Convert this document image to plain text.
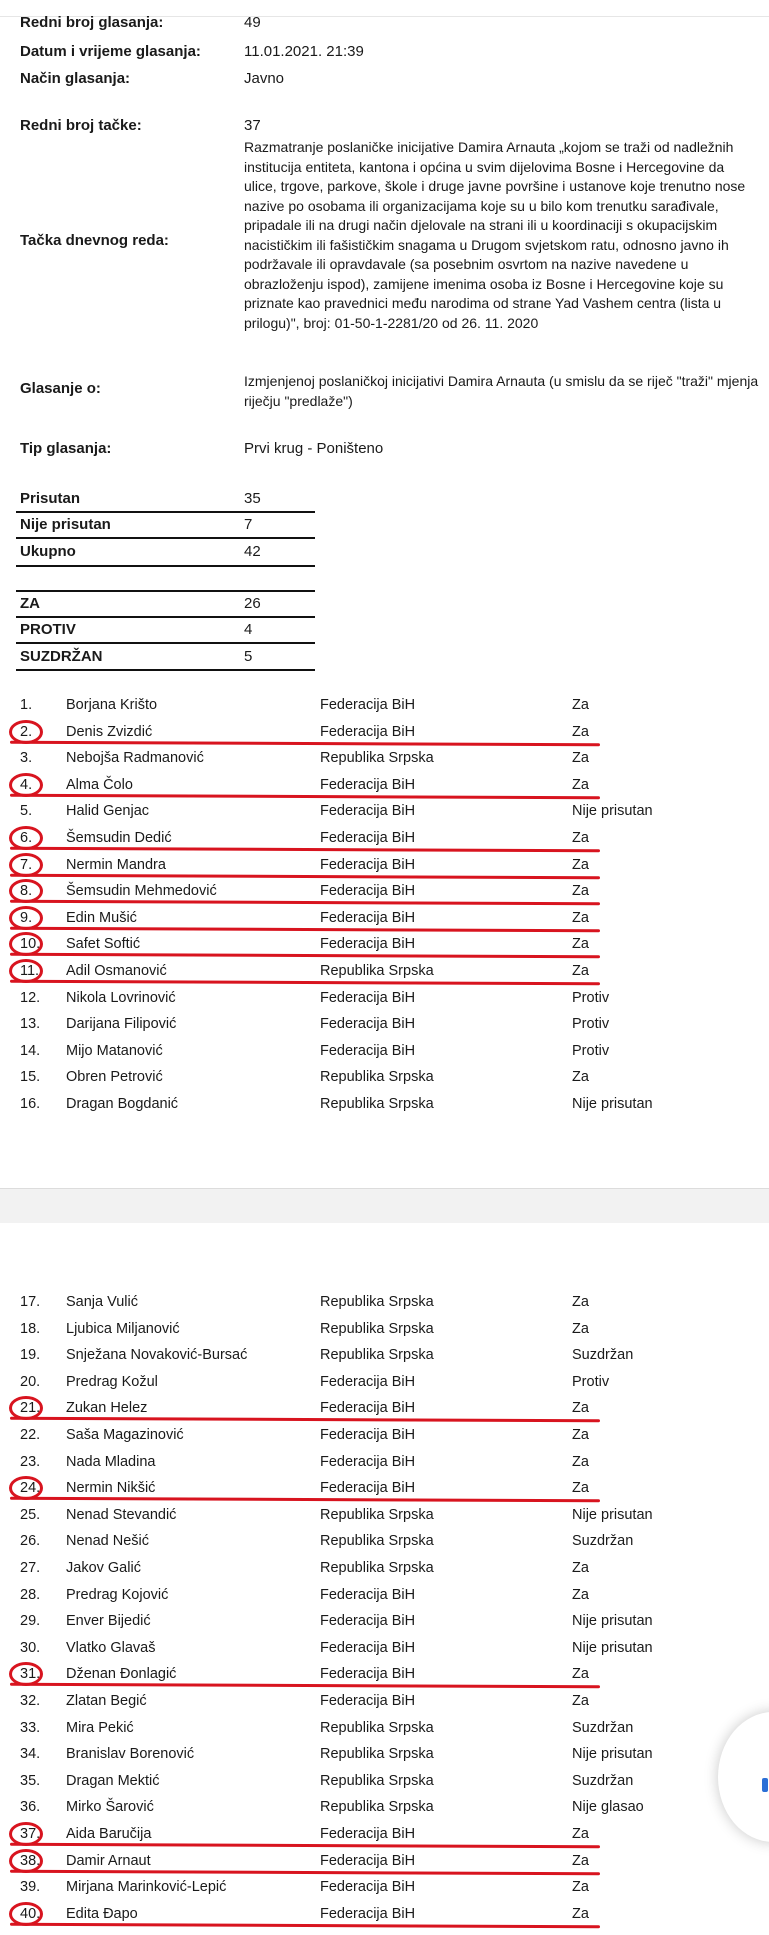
Redni broj glasanja:	49
Datum i vrijeme glasanja:	11.01.2021. 21:39
Način glasanja:	Javno
Redni broj tačke:	37
Tačka dnevnog reda:
Razmatranje poslaničke inicijative Damira Arnauta „kojom se traži od nadležnih institucija entiteta, kantona i općina u svim dijelovima Bosne i Hercegovine da ulice, trgove, parkove, škole i druge javne površine i ustanove koje trenutno nose nazive po osobama ili organizacijama koje su u bilo kom trenutku sarađivale, pripadale ili na drugi način djelovale na strani ili u koordinaciji s okupacijskim nacističkim ili fašističkim snagama u Drugom svjetskom ratu, odnosno javno ih podržavale ili opravdavale (sa posebnim osvrtom na nazive navedene u obrazloženju ispod), zamijene imenima osoba iz Bosne i Hercegovine koje su priznate kao pravednici među narodima od strane Yad Vashem centra (lista u prilogu)", broj: 01-50-1-2281/20 od 26. 11. 2020
Glasanje o:	Izmjenjenoj poslaničkoj inicijativi Damira Arnauta (u smislu da se riječ "traži" mjenja riječju "predlaže")
Tip glasanja:	Prvi krug - Poništeno
Prisutan	35
Nije prisutan	7
Ukupno	42
ZA	26
PROTIV	4
SUZDRŽAN	5
1. Borjana Krišto	Federacija BiH	Za
2. Denis Zvizdić	Federacija BiH	Za
3. Nebojša Radmanović	Republika Srpska	Za
4. Alma Čolo	Federacija BiH	Za
5. Halid Genjac	Federacija BiH	Nije prisutan
6. Šemsudin Dedić	Federacija BiH	Za
7. Nermin Mandra	Federacija BiH	Za
8. Šemsudin Mehmedović	Federacija BiH	Za
9. Edin Mušić	Federacija BiH	Za
10. Safet Softić	Federacija BiH	Za
11. Adil Osmanović	Republika Srpska	Za
12. Nikola Lovrinović	Federacija BiH	Protiv
13. Darijana Filipović	Federacija BiH	Protiv
14. Mijo Matanović	Federacija BiH	Protiv
15. Obren Petrović	Republika Srpska	Za
16. Dragan Bogdanić	Republika Srpska	Nije prisutan
17. Sanja Vulić	Republika Srpska	Za
18. Ljubica Miljanović	Republika Srpska	Za
19. Snježana Novaković-Bursać	Republika Srpska	Suzdržan
20. Predrag Kožul	Federacija BiH	Protiv
21. Zukan Helez	Federacija BiH	Za
22. Saša Magazinović	Federacija BiH	Za
23. Nada Mladina	Federacija BiH	Za
24. Nermin Nikšić	Federacija BiH	Za
25. Nenad Stevandić	Republika Srpska	Nije prisutan
26. Nenad Nešić	Republika Srpska	Suzdržan
27. Jakov Galić	Republika Srpska	Za
28. Predrag Kojović	Federacija BiH	Za
29. Enver Bijedić	Federacija BiH	Nije prisutan
30. Vlatko Glavaš	Federacija BiH	Nije prisutan
31. Dženan Đonlagić	Federacija BiH	Za
32. Zlatan Begić	Federacija BiH	Za
33. Mira Pekić	Republika Srpska	Suzdržan
34. Branislav Borenović	Republika Srpska	Nije prisutan
35. Dragan Mektić	Republika Srpska	Suzdržan
36. Mirko Šarović	Republika Srpska	Nije glasao
37. Aida Baručija	Federacija BiH	Za
38. Damir Arnaut	Federacija BiH	Za
39. Mirjana Marinković-Lepić	Federacija BiH	Za
40. Edita Đapo	Federacija BiH	Za
